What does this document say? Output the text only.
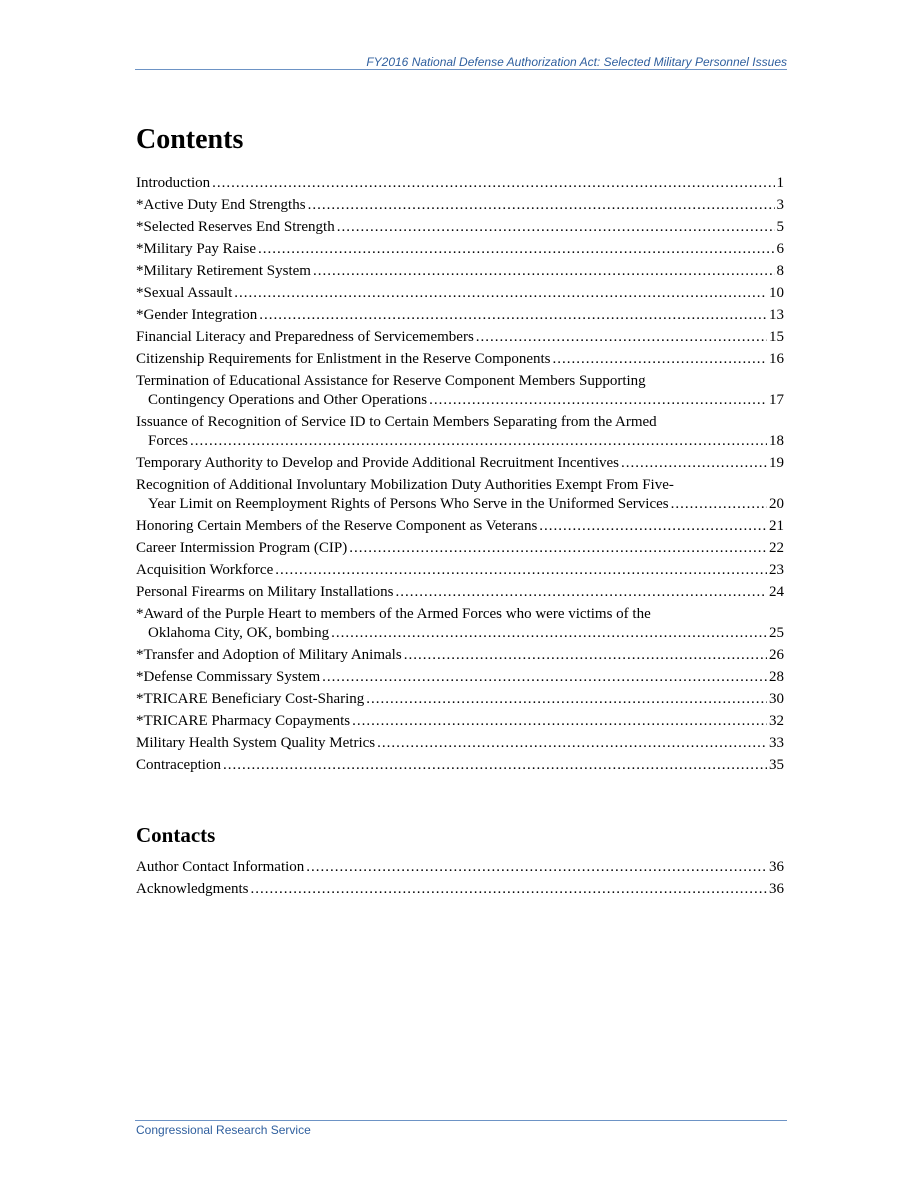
FY2016 National Defense Authorization Act: Selected Military Personnel Issues
Contents
Introduction .....	1
*Active Duty End Strengths .....	3
*Selected Reserves End Strength .....	5
*Military Pay Raise .....	6
*Military Retirement System .....	8
*Sexual Assault .....	10
*Gender Integration .....	13
Financial Literacy and Preparedness of Servicemembers .....	15
Citizenship Requirements for Enlistment in the Reserve Components .....	16
Termination of Educational Assistance for Reserve Component Members Supporting
Contingency Operations and Other Operations .....	17
Issuance of Recognition of Service ID to Certain Members Separating from the Armed
Forces .....	18
Temporary Authority to Develop and Provide Additional Recruitment Incentives .....	19
Recognition of Additional Involuntary Mobilization Duty Authorities Exempt From Five-
Year Limit on Reemployment Rights of Persons Who Serve in the Uniformed Services .....	20
Honoring Certain Members of the Reserve Component as Veterans .....	21
Career Intermission Program (CIP) .....	22
Acquisition Workforce .....	23
Personal Firearms on Military Installations .....	24
*Award of the Purple Heart to members of the Armed Forces who were victims of the
Oklahoma City, OK, bombing .....	25
*Transfer and Adoption of Military Animals .....	26
*Defense Commissary System .....	28
*TRICARE Beneficiary Cost-Sharing .....	30
*TRICARE Pharmacy Copayments .....	32
Military Health System Quality Metrics .....	33
Contraception .....	35
Contacts
Author Contact Information .....	36
Acknowledgments .....	36
Congressional Research Service
